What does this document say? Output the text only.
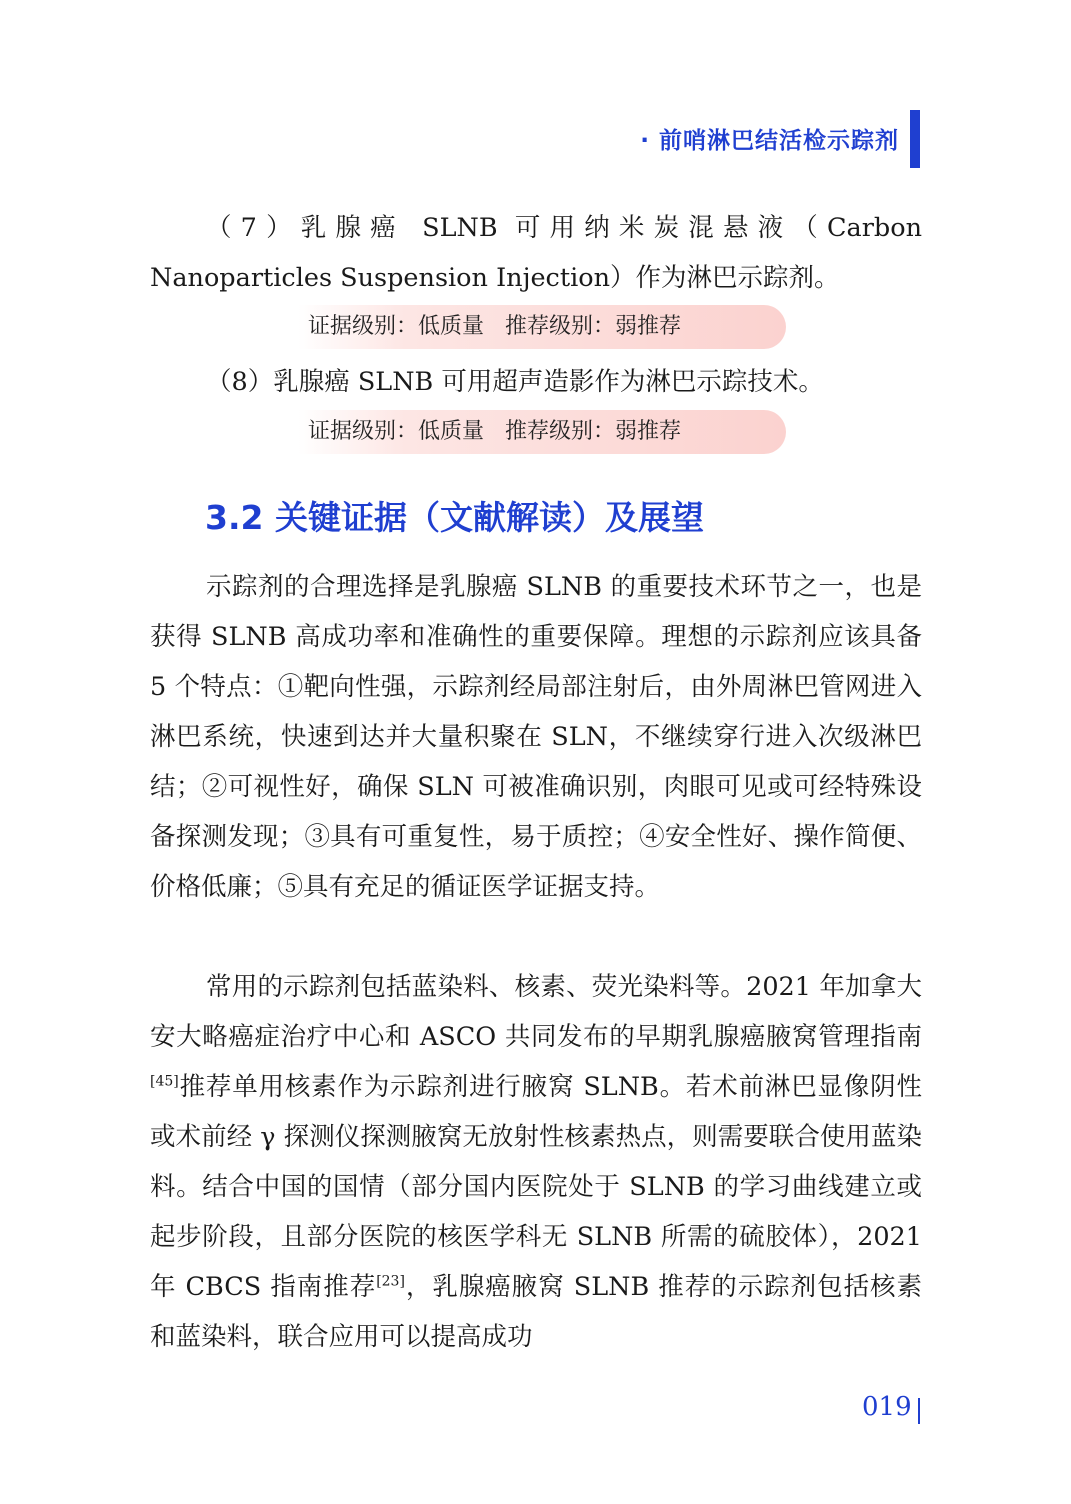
· 前哨淋巴结活检示踪剂

（7）乳腺癌 SLNB 可用纳米炭混悬液（Carbon Nanoparticles Suspension Injection）作为淋巴示踪剂。

证据级别：低质量   推荐级别：弱推荐

（8）乳腺癌 SLNB 可用超声造影作为淋巴示踪技术。

证据级别：低质量   推荐级别：弱推荐
3.2 关键证据（文献解读）及展望

示踪剂的合理选择是乳腺癌 SLNB 的重要技术环节之一，也是获得 SLNB 高成功率和准确性的重要保障。理想的示踪剂应该具备 5 个特点：①靶向性强，示踪剂经局部注射后，由外周淋巴管网进入淋巴系统，快速到达并大量积聚在 SLN，不继续穿行进入次级淋巴结；②可视性好，确保 SLN 可被准确识别，肉眼可见或可经特殊设备探测发现；③具有可重复性，易于质控；④安全性好、操作简便、价格低廉；⑤具有充足的循证医学证据支持。

常用的示踪剂包括蓝染料、核素、荧光染料等。2021 年加拿大安大略癌症治疗中心和 ASCO 共同发布的早期乳腺癌腋窝管理指南[45]推荐单用核素作为示踪剂进行腋窝 SLNB。若术前淋巴显像阴性或术前经 γ 探测仪探测腋窝无放射性核素热点，则需要联合使用蓝染料。结合中国的国情（部分国内医院处于 SLNB 的学习曲线建立或起步阶段，且部分医院的核医学科无 SLNB 所需的硫胶体），2021 年 CBCS 指南推荐[23]，乳腺癌腋窝 SLNB 推荐的示踪剂包括核素和蓝染料，联合应用可以提高成功

019
